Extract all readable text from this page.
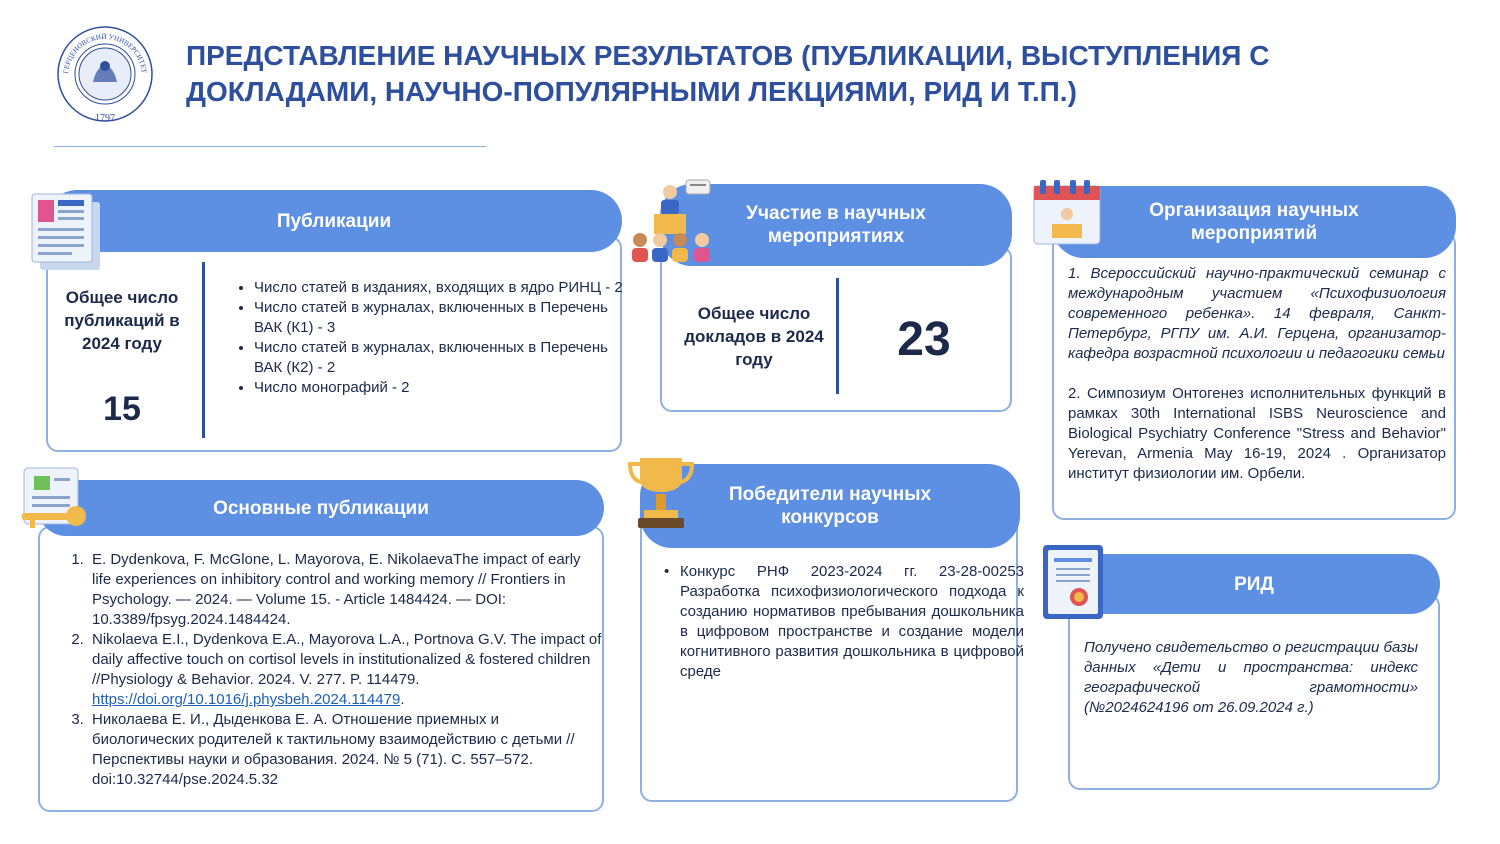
ГЕРЦЕНОВСКИЙ УНИВЕРСИТЕТ
1797
ПРЕДСТАВЛЕНИЕ НАУЧНЫХ РЕЗУЛЬТАТОВ (ПУБЛИКАЦИИ, ВЫСТУПЛЕНИЯ С ДОКЛАДАМИ, НАУЧНО-ПОПУЛЯРНЫМИ ЛЕКЦИЯМИ, РИД И Т.П.)
Общее число публикаций в 2024 году
15
• Число статей в изданиях, входящих в ядро РИНЦ - 2
• Число статей в журналах, включенных в Перечень ВАК (К1) - 3
• Число статей в журналах, включенных в Перечень ВАК (К2) - 2
• Число монографий - 2
Публикации
Общее число докладов в 2024 году	23
Участие в научных мероприятиях
1. Всероссийский научно-практический семинар с международным участием «Психофизиология современного ребенка». 14 февраля, Санкт-Петербург, РГПУ им. А.И. Герцена, организатор- кафедра возрастной психологии и педагогики семьи
2. Симпозиум Онтогенез исполнительных функций в рамках 30th International ISBS Neuroscience and Biological Psychiatry Conference "Stress and Behavior" Yerevan, Armenia May 16-19, 2024 . Организатор институт физиологии им. Орбели.
Организация научных мероприятий
1. E. Dydenkova, F. McGlone, L. Mayorova, E. NikolaevaThe impact of early life experiences on inhibitory control and working memory // Frontiers in Psychology. — 2024. — Volume 15. - Article 1484424. — DOI: 10.3389/fpsyg.2024.1484424.
2. Nikolaeva E.I., Dydenkova E.A., Mayorova L.A., Portnova G.V. The impact of daily affective touch on cortisol levels in institutionalized & fostered children //Physiology & Behavior. 2024. V. 277. P. 114479.
https://doi.org/10.1016/j.physbeh.2024.114479.
3. Николаева Е. И., Дыденкова Е. А. Отношение приемных и биологических родителей к тактильному взаимодействию с детьми // Перспективы науки и образования. 2024. № 5 (71). С. 557–572. doi:10.32744/pse.2024.5.32
Основные публикации
• Конкурс РНФ 2023-2024 гг. 23-28-00253 Разработка психофизиологического подхода к созданию нормативов пребывания дошкольника в цифровом пространстве и создание модели когнитивного развития дошкольника в цифровой среде
Победители научных конкурсов
Получено свидетельство о регистрации базы данных «Дети и пространства: индекс географической грамотности» (№2024624196 от 26.09.2024 г.)
РИД
